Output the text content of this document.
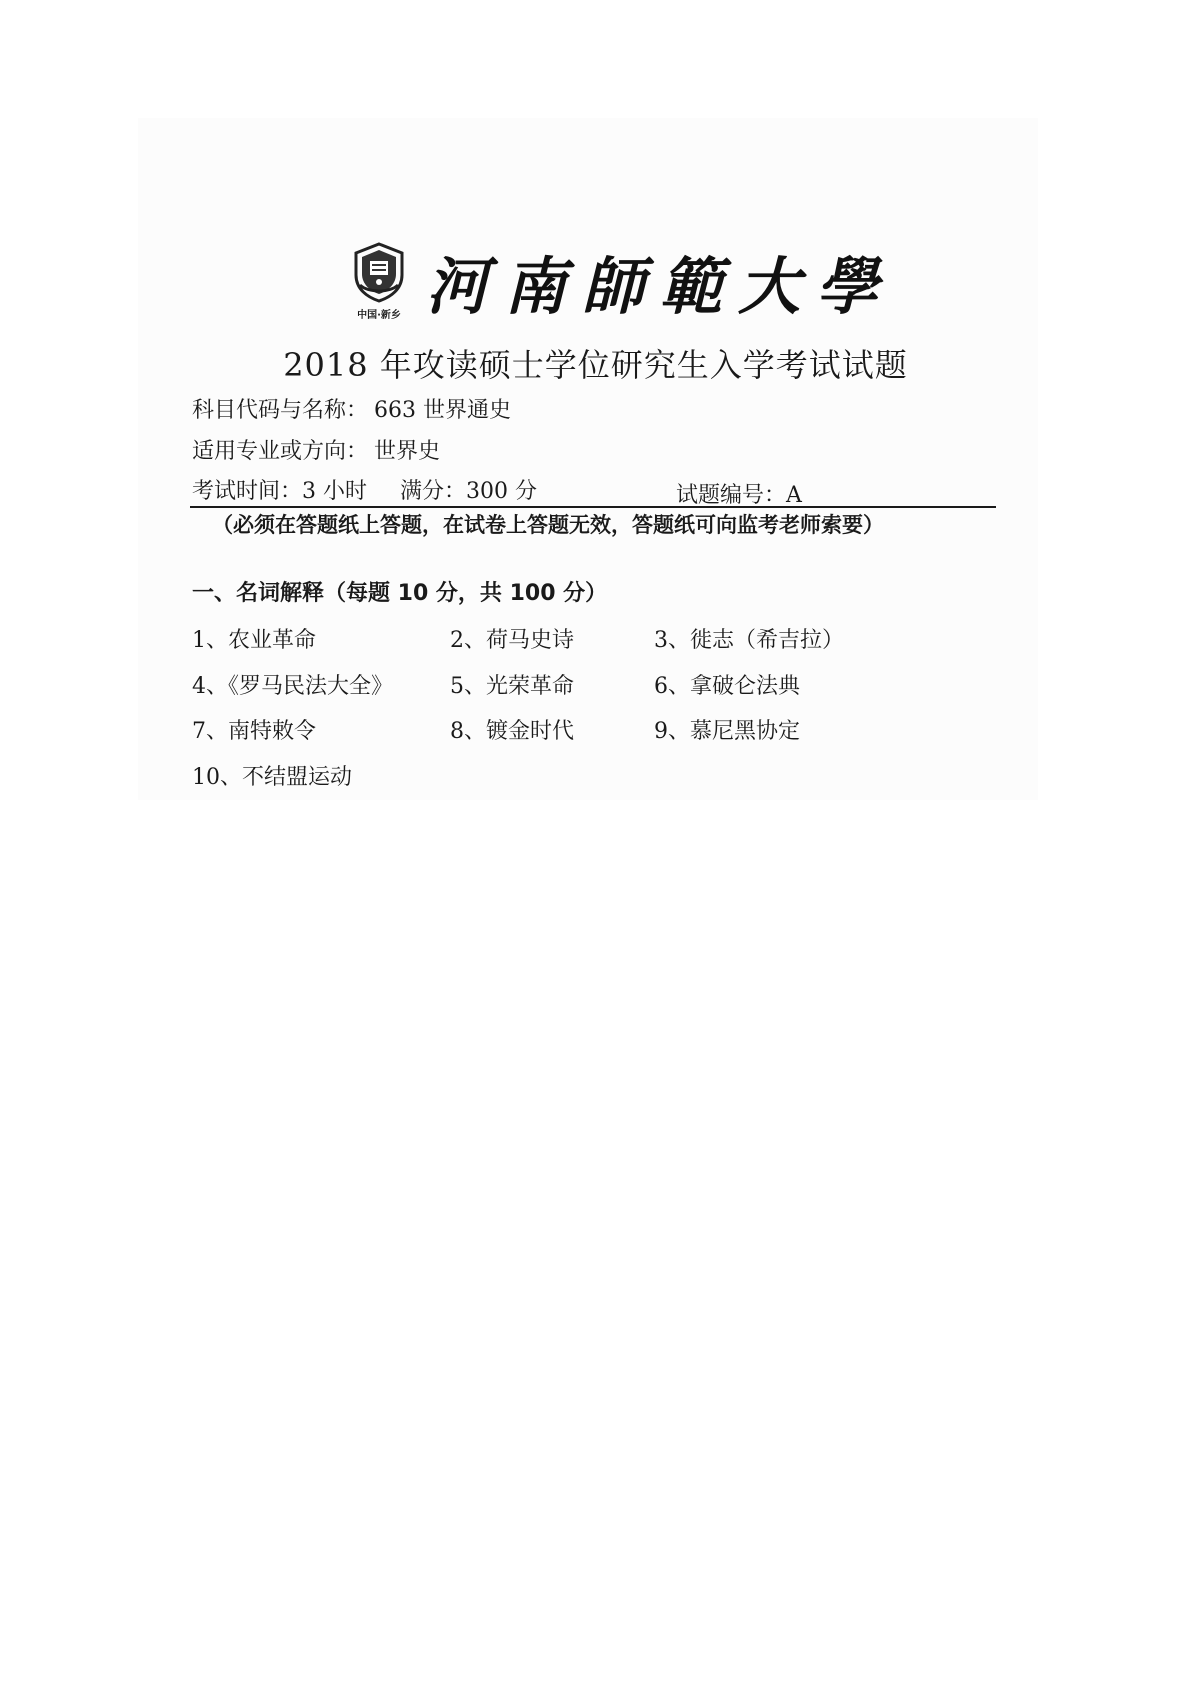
中国·新乡 河南師範大學
2018 年攻读硕士学位研究生入学考试试题
科目代码与名称： 663 世界通史
适用专业或方向： 世界史
考试时间：3 小时 满分：300 分	试题编号：A
（必须在答题纸上答题，在试卷上答题无效，答题纸可向监考老师索要）
一、名词解释（每题 10 分，共 100 分）
1、农业革命	2、荷马史诗	3、徙志（希吉拉）
4、《罗马民法大全》	5、光荣革命	6、拿破仑法典
7、南特敕令	8、镀金时代	9、慕尼黑协定
10、不结盟运动
